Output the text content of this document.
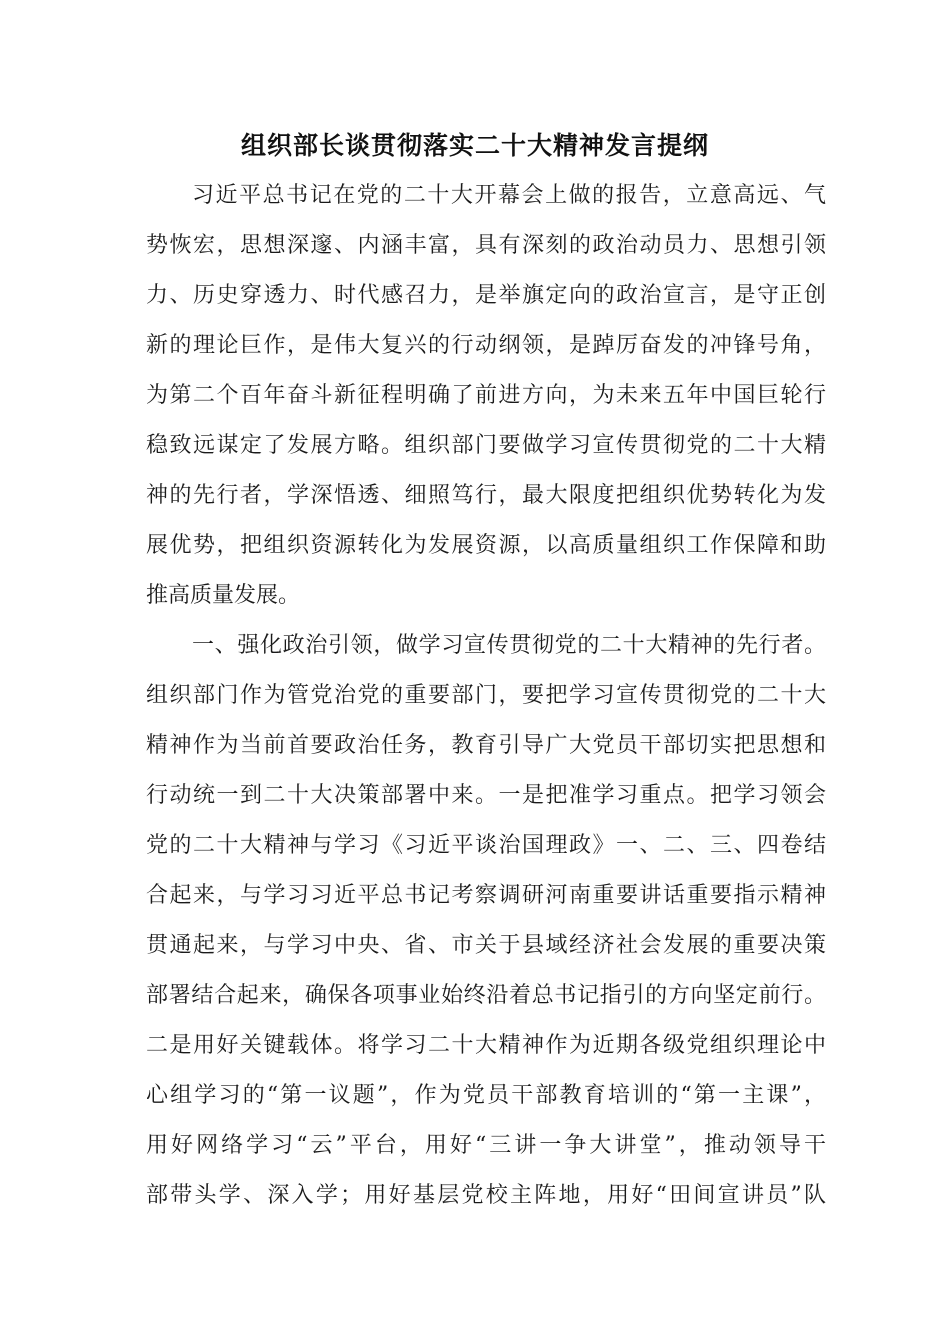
组织部长谈贯彻落实二十大精神发言提纲
习近平总书记在党的二十大开幕会上做的报告，立意高远、气
势恢宏，思想深邃、内涵丰富，具有深刻的政治动员力、思想引领
力、历史穿透力、时代感召力，是举旗定向的政治宣言，是守正创
新的理论巨作，是伟大复兴的行动纲领，是踔厉奋发的冲锋号角，
为第二个百年奋斗新征程明确了前进方向，为未来五年中国巨轮行
稳致远谋定了发展方略。组织部门要做学习宣传贯彻党的二十大精
神的先行者，学深悟透、细照笃行，最大限度把组织优势转化为发
展优势，把组织资源转化为发展资源，以高质量组织工作保障和助
推高质量发展。
一、强化政治引领，做学习宣传贯彻党的二十大精神的先行者。
组织部门作为管党治党的重要部门，要把学习宣传贯彻党的二十大
精神作为当前首要政治任务，教育引导广大党员干部切实把思想和
行动统一到二十大决策部署中来。一是把准学习重点。把学习领会
党的二十大精神与学习《习近平谈治国理政》一、二、三、四卷结
合起来，与学习习近平总书记考察调研河南重要讲话重要指示精神
贯通起来，与学习中央、省、市关于县域经济社会发展的重要决策
部署结合起来，确保各项事业始终沿着总书记指引的方向坚定前行。
二是用好关键载体。将学习二十大精神作为近期各级党组织理论中
心组学习的“第一议题”，作为党员干部教育培训的“第一主课”，
用好网络学习“云”平台，用好“三讲一争大讲堂”，推动领导干
部带头学、深入学；用好基层党校主阵地，用好“田间宣讲员”队
